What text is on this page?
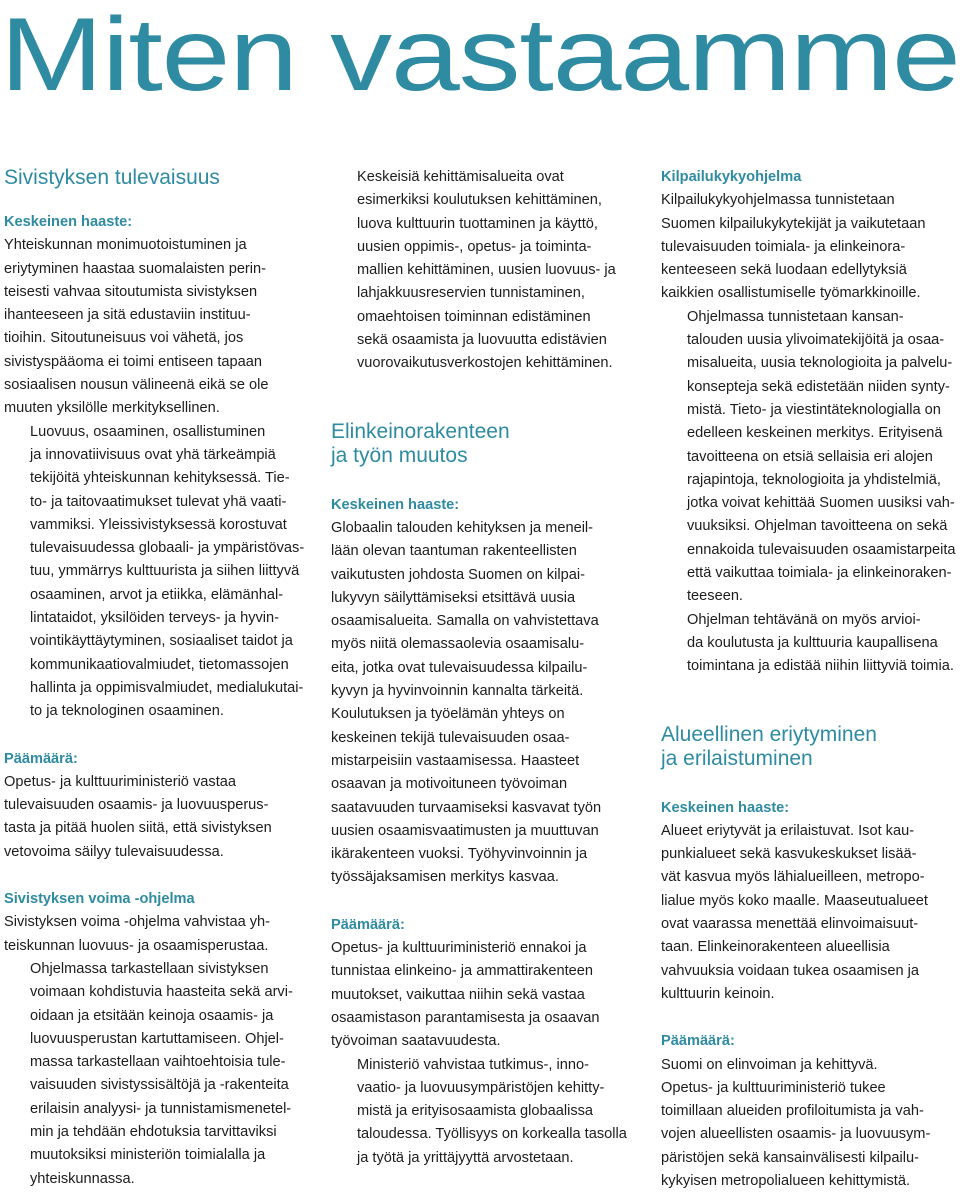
Miten vastaamme
Sivistyksen tulevaisuus
Keskeinen haaste:

Yhteiskunnan monimuotoistuminen ja
eriytyminen haastaa suomalaisten perin-
teisesti vahvaa sitoutumista sivistyksen
ihanteeseen ja sitä edustaviin instituu-
tioihin. Sitoutuneisuus voi vähetä, jos
sivistyspääoma ei toimi entiseen tapaan
sosiaalisen nousun välineenä eikä se ole
muuten yksilölle merkityksellinen.

Luovuus, osaaminen, osallistuminen
ja innovatiivisuus ovat yhä tärkeämpiä
tekijöitä yhteiskunnan kehityksessä. Tie-
to- ja taitovaatimukset tulevat yhä vaati-
vammiksi. Yleissivistyksessä korostuvat
tulevaisuudessa globaali- ja ympäristövas-
tuu, ymmärrys kulttuurista ja siihen liittyvä
osaaminen, arvot ja etiikka, elämänhal-
lintataidot, yksilöiden terveys- ja hyvin-
vointikäyttäytyminen, sosiaaliset taidot ja
kommunikaatiovalmiudet, tietomassojen
hallinta ja oppimisvalmiudet, medialukutai-
to ja teknologinen osaaminen.

Päämäärä:

Opetus- ja kulttuuriministeriö vastaa
tulevaisuuden osaamis- ja luovuusperus-
tasta ja pitää huolen siitä, että sivistyksen
vetovoima säilyy tulevaisuudessa.

Sivistyksen voima -ohjelma

Sivistyksen voima -ohjelma vahvistaa yh-
teiskunnan luovuus- ja osaamisperustaa.

Ohjelmassa tarkastellaan sivistyksen
voimaan kohdistuvia haasteita sekä arvi-
oidaan ja etsitään keinoja osaamis- ja
luovuusperustan kartuttamiseen. Ohjel-
massa tarkastellaan vaihtoehtoisia tule-
vaisuuden sivistyssisältöjä ja -rakenteita
erilaisin analyysi- ja tunnistamismenetel-
min ja tehdään ehdotuksia tarvittaviksi
muutoksiksi ministeriön toimialalla ja
yhteiskunnassa.

Keskeisiä kehittämisalueita ovat
esimerkiksi koulutuksen kehittäminen,
luova kulttuurin tuottaminen ja käyttö,
uusien oppimis-, opetus- ja toiminta-
mallien kehittäminen, uusien luovuus- ja
lahjakkuusreservien tunnistaminen,
omaehtoisen toiminnan edistäminen
sekä osaamista ja luovuutta edistävien
vuorovaikutusverkostojen kehittäminen.

Elinkeinorakenteen
ja työn muutos
Keskeinen haaste:

Globaalin talouden kehityksen ja meneil-
lään olevan taantuman rakenteellisten
vaikutusten johdosta Suomen on kilpai-
lukyvyn säilyttämiseksi etsittävä uusia
osaamisalueita. Samalla on vahvistettava
myös niitä olemassaolevia osaamisalu-
eita, jotka ovat tulevaisuudessa kilpailu-
kyvyn ja hyvinvoinnin kannalta tärkeitä.
Koulutuksen ja työelämän yhteys on
keskeinen tekijä tulevaisuuden osaa-
mistarpeisiin vastaamisessa. Haasteet
osaavan ja motivoituneen työvoiman
saatavuuden turvaamiseksi kasvavat työn
uusien osaamisvaatimusten ja muuttuvan
ikärakenteen vuoksi. Työhyvinvoinnin ja
työssäjaksamisen merkitys kasvaa.

Päämäärä:

Opetus- ja kulttuuriministeriö ennakoi ja
tunnistaa elinkeino- ja ammattirakenteen
muutokset, vaikuttaa niihin sekä vastaa
osaamistason parantamisesta ja osaavan
työvoiman saatavuudesta.

Ministeriö vahvistaa tutkimus-, inno-
vaatio- ja luovuusympäristöjen kehitty-
mistä ja erityisosaamista globaalissa
taloudessa. Työllisyys on korkealla tasolla
ja työtä ja yrittäjyyttä arvostetaan.

Kilpailukykyohjelma

Kilpailukykyohjelmassa tunnistetaan
Suomen kilpailukykytekijät ja vaikutetaan
tulevaisuuden toimiala- ja elinkeinora-
kenteeseen sekä luodaan edellytyksiä
kaikkien osallistumiselle työmarkkinoille.

Ohjelmassa tunnistetaan kansan-
talouden uusia ylivoimatekijöitä ja osaa-
misalueita, uusia teknologioita ja palvelu-
konsepteja sekä edistetään niiden synty-
mistä. Tieto- ja viestintäteknologialla on
edelleen keskeinen merkitys. Erityisenä
tavoitteena on etsiä sellaisia eri alojen
rajapintoja, teknologioita ja yhdistelmiä,
jotka voivat kehittää Suomen uusiksi vah-
vuuksiksi. Ohjelman tavoitteena on sekä
ennakoida tulevaisuuden osaamistarpeita
että vaikuttaa toimiala- ja elinkeinoraken-
teeseen.

Ohjelman tehtävänä on myös arvioi-
da koulutusta ja kulttuuria kaupallisena
toimintana ja edistää niihin liittyviä toimia.

Alueellinen eriytyminen
ja erilaistuminen
Keskeinen haaste:

Alueet eriytyvät ja erilaistuvat. Isot kau-
punkialueet sekä kasvukeskukset lisää-
vät kasvua myös lähialueilleen, metropo-
lialue myös koko maalle. Maaseutualueet
ovat vaarassa menettää elinvoimaisuut-
taan. Elinkeinorakenteen alueellisia
vahvuuksia voidaan tukea osaamisen ja
kulttuurin keinoin.

Päämäärä:

Suomi on elinvoiman ja kehittyvä.
Opetus- ja kulttuuriministeriö tukee
toimillaan alueiden profiloitumista ja vah-
vojen alueellisten osaamis- ja luovuusym-
päristöjen sekä kansainvälisesti kilpailu-
kykyisen metropolialueen kehittymistä.
